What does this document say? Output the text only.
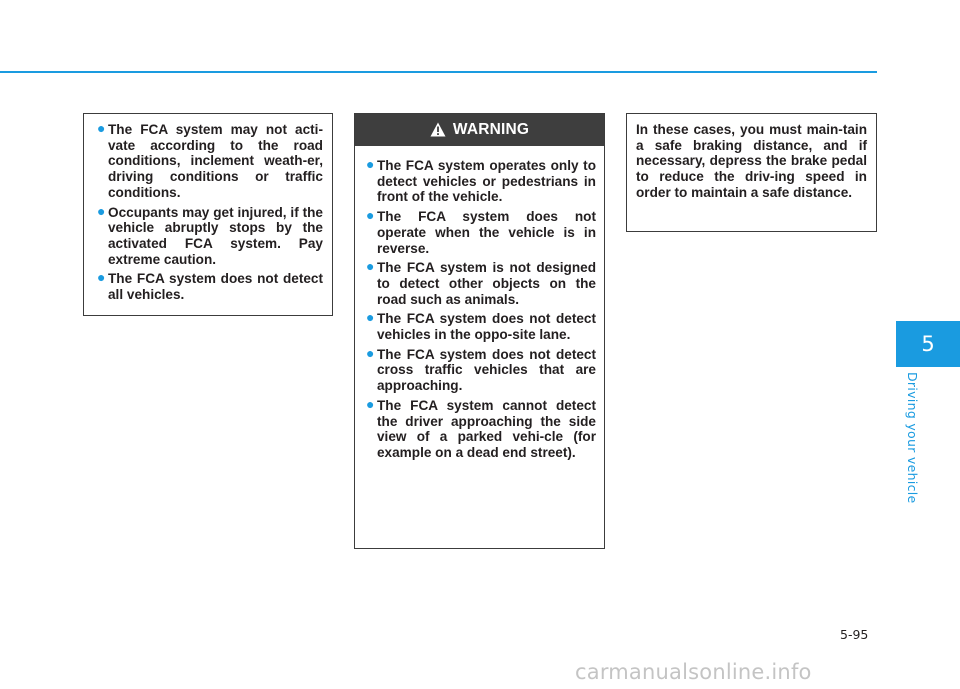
● The FCA system may not acti-vate according to the road conditions, inclement weath-er, driving conditions or traffic conditions.
● Occupants may get injured, if the vehicle abruptly stops by the activated FCA system. Pay extreme caution.
● The FCA system does not detect all vehicles.
WARNING
● The FCA system operates only to detect vehicles or pedestrians in front of the vehicle.
● The FCA system does not operate when the vehicle is in reverse.
● The FCA system is not designed to detect other objects on the road such as animals.
● The FCA system does not detect vehicles in the oppo-site lane.
● The FCA system does not detect cross traffic vehicles that are approaching.
● The FCA system cannot detect the driver approaching the side view of a parked vehi-cle (for example on a dead end street).

In these cases, you must main-tain a safe braking distance, and if necessary, depress the brake pedal to reduce the driv-ing speed in order to maintain a safe distance.

5
Driving your vehicle
5-95
carmanualsonline.info
